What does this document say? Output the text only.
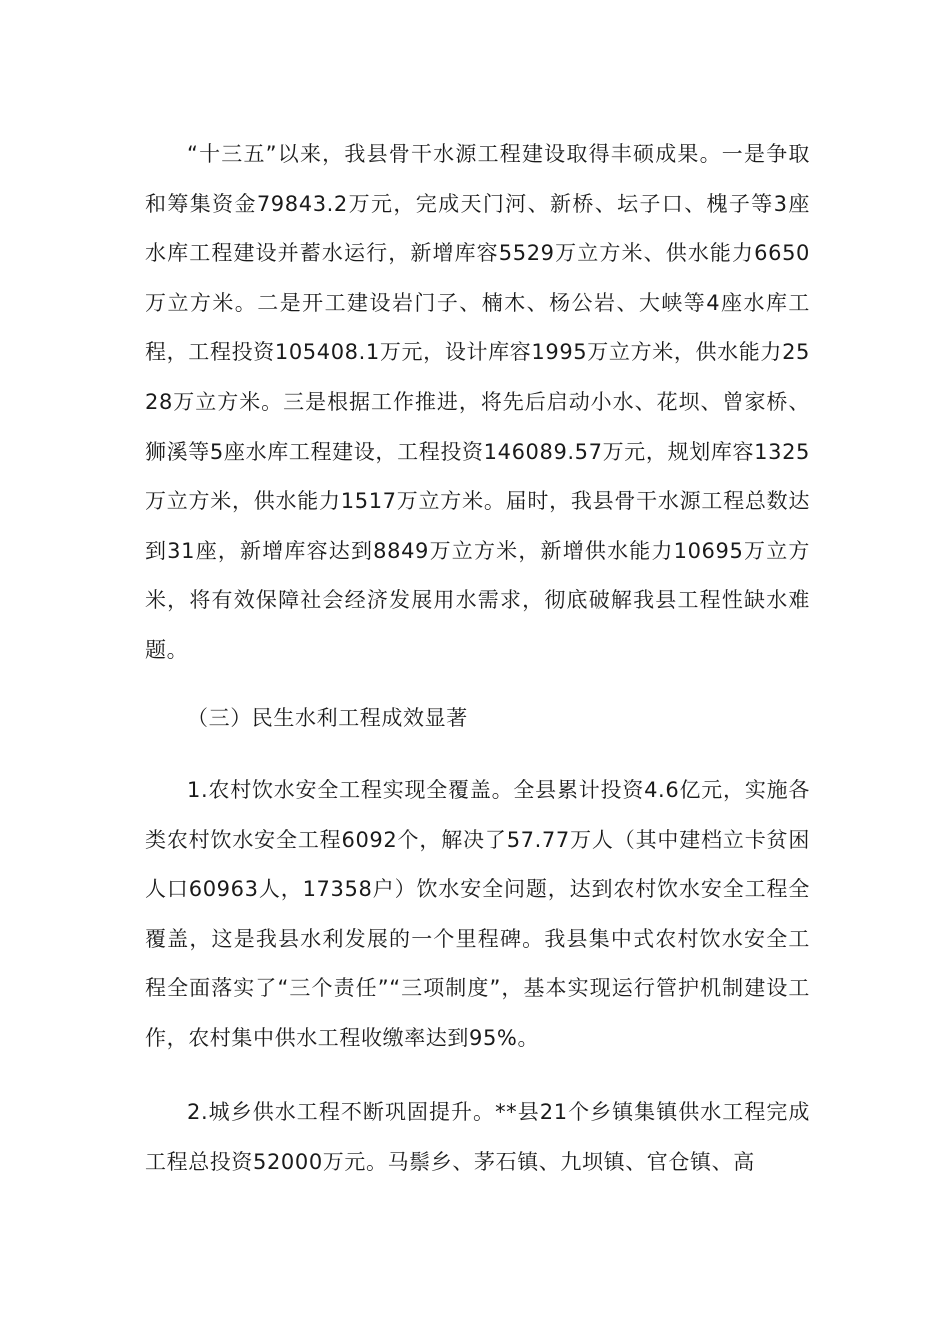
“十三五”以来，我县骨干水源工程建设取得丰硕成果。一是争取和筹集资金79843.2万元，完成天门河、新桥、坛子口、槐子等3座水库工程建设并蓄水运行，新增库容5529万立方米、供水能力6650万立方米。二是开工建设岩门子、楠木、杨公岩、大峡等4座水库工程，工程投资105408.1万元，设计库容1995万立方米，供水能力2528万立方米。三是根据工作推进，将先后启动小水、花坝、曾家桥、狮溪等5座水库工程建设，工程投资146089.57万元，规划库容1325万立方米，供水能力1517万立方米。届时，我县骨干水源工程总数达到31座，新增库容达到8849万立方米，新增供水能力10695万立方米，将有效保障社会经济发展用水需求，彻底破解我县工程性缺水难题。

（三）民生水利工程成效显著

1.农村饮水安全工程实现全覆盖。全县累计投资4.6亿元，实施各类农村饮水安全工程6092个，解决了57.77万人（其中建档立卡贫困人口60963人，17358户）饮水安全问题，达到农村饮水安全工程全覆盖，这是我县水利发展的一个里程碑。我县集中式农村饮水安全工程全面落实了“三个责任”“三项制度”，基本实现运行管护机制建设工作，农村集中供水工程收缴率达到95%。

2.城乡供水工程不断巩固提升。**县21个乡镇集镇供水工程完成工程总投资52000万元。马鬃乡、茅石镇、九坝镇、官仓镇、高
